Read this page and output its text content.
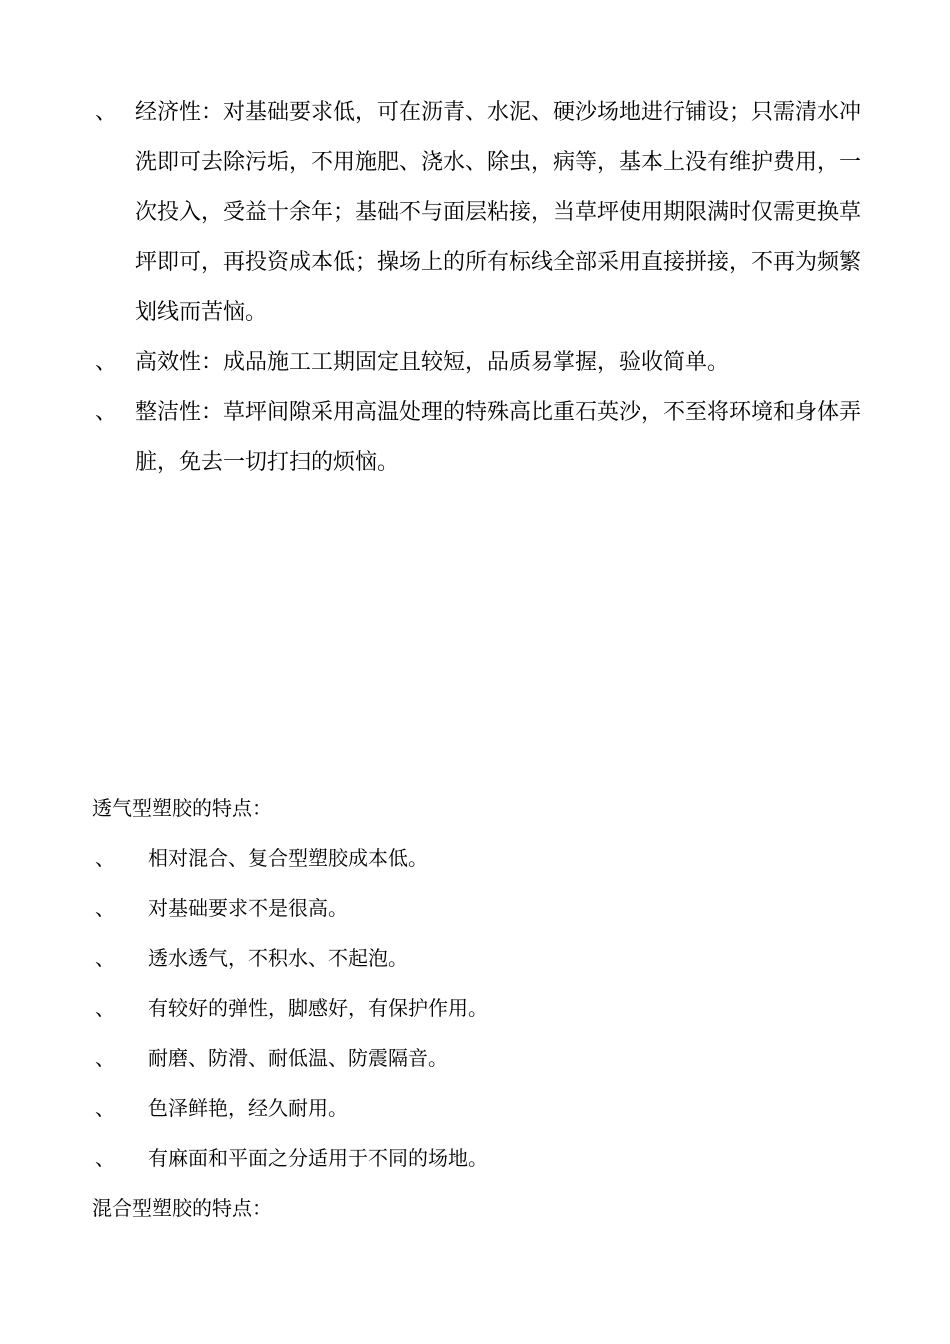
、 经济性：对基础要求低，可在沥青、水泥、硬沙场地进行铺设；只需清水冲洗即可去除污垢，不用施肥、浇水、除虫，病等，基本上没有维护费用，一次投入，受益十余年；基础不与面层粘接，当草坪使用期限满时仅需更换草坪即可，再投资成本低；操场上的所有标线全部采用直接拼接，不再为频繁划线而苦恼。
、 高效性：成品施工工期固定且较短，品质易掌握，验收简单。
、 整洁性：草坪间隙采用高温处理的特殊高比重石英沙，不至将环境和身体弄脏，免去一切打扫的烦恼。
透气型塑胶的特点：
、	相对混合、复合型塑胶成本低。
、	对基础要求不是很高。
、	透水透气，不积水、不起泡。
、	有较好的弹性，脚感好，有保护作用。
、	耐磨、防滑、耐低温、防震隔音。
、	色泽鲜艳，经久耐用。
、	有麻面和平面之分适用于不同的场地。
混合型塑胶的特点：
